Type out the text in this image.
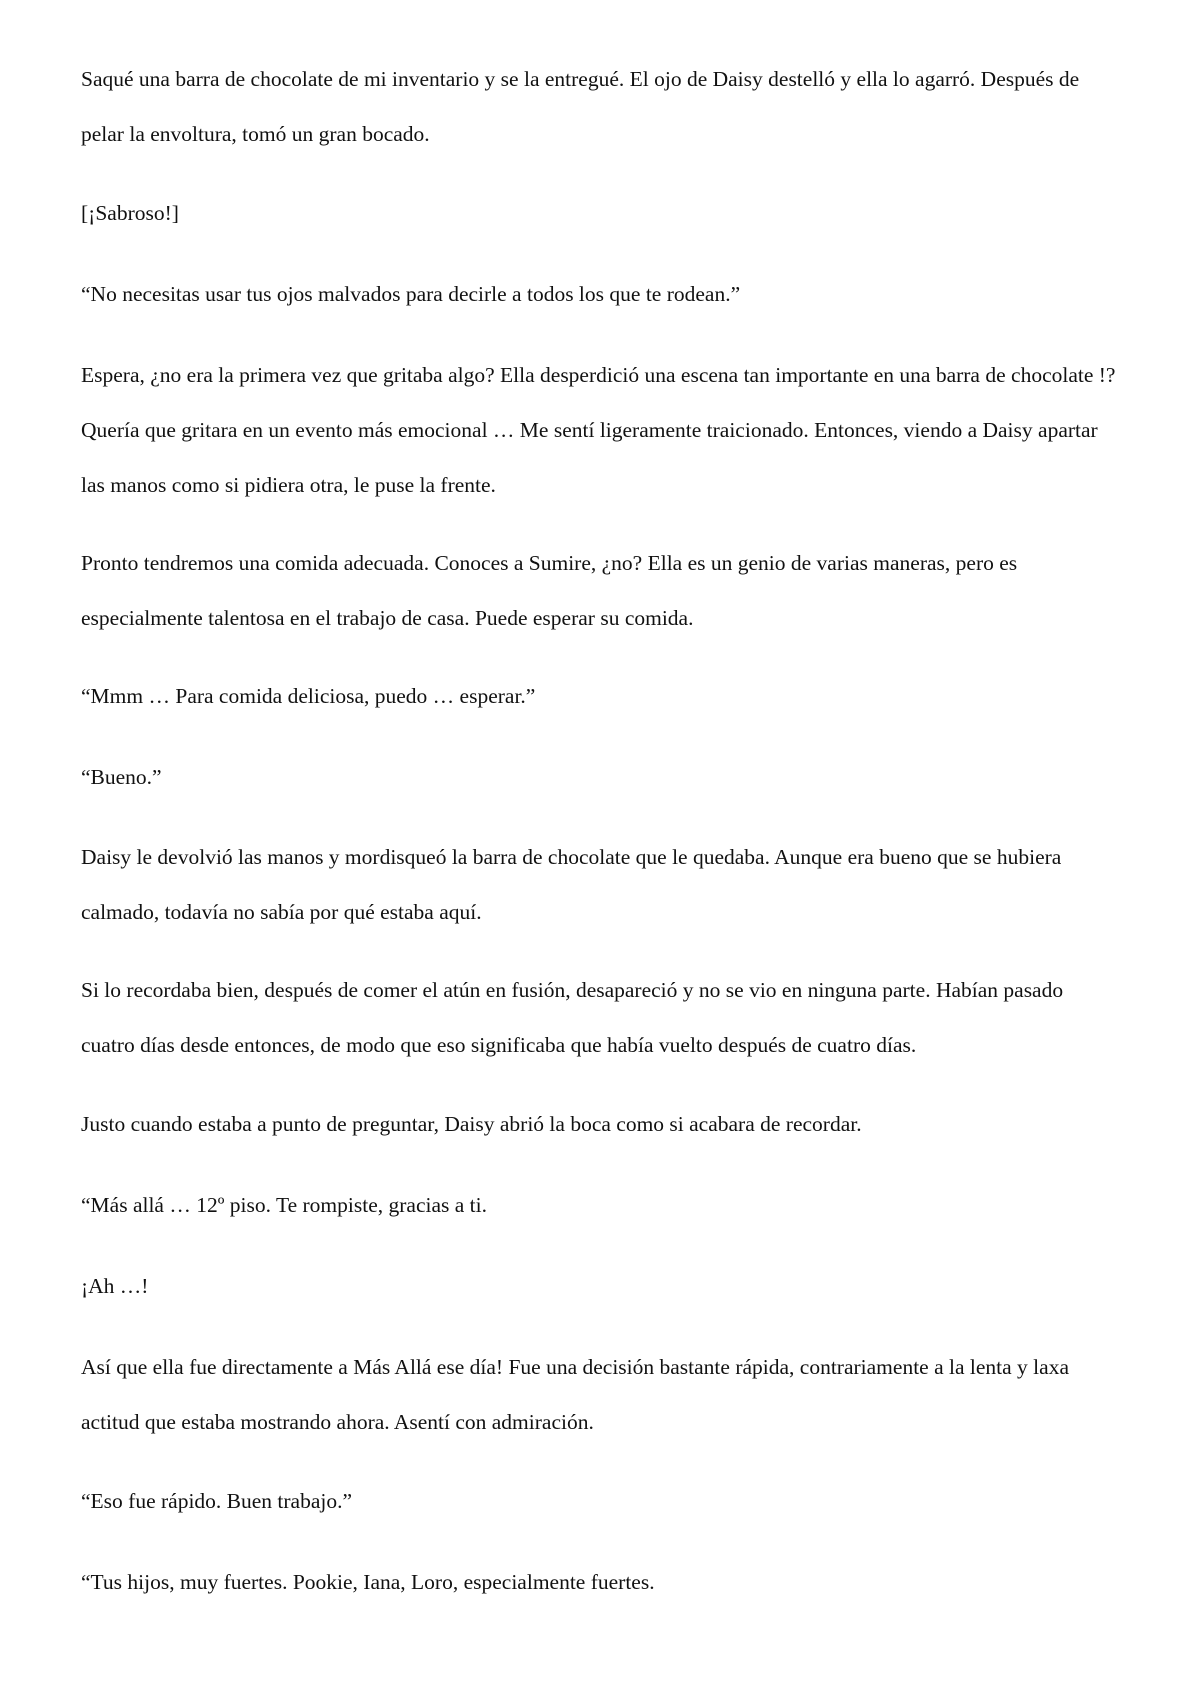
Saqué una barra de chocolate de mi inventario y se la entregué. El ojo de Daisy destelló y ella lo agarró. Después de pelar la envoltura, tomó un gran bocado.

[¡Sabroso!]

“No necesitas usar tus ojos malvados para decirle a todos los que te rodean.”

Espera, ¿no era la primera vez que gritaba algo? Ella desperdició una escena tan importante en una barra de chocolate !? Quería que gritara en un evento más emocional … Me sentí ligeramente traicionado. Entonces, viendo a Daisy apartar las manos como si pidiera otra, le puse la frente.

Pronto tendremos una comida adecuada. Conoces a Sumire, ¿no? Ella es un genio de varias maneras, pero es especialmente talentosa en el trabajo de casa. Puede esperar su comida.

“Mmm … Para comida deliciosa, puedo … esperar.”

“Bueno.”

Daisy le devolvió las manos y mordisqueó la barra de chocolate que le quedaba. Aunque era bueno que se hubiera calmado, todavía no sabía por qué estaba aquí.

Si lo recordaba bien, después de comer el atún en fusión, desapareció y no se vio en ninguna parte. Habían pasado cuatro días desde entonces, de modo que eso significaba que había vuelto después de cuatro días.

Justo cuando estaba a punto de preguntar, Daisy abrió la boca como si acabara de recordar.

“Más allá … 12º piso. Te rompiste, gracias a ti.

¡Ah …!

Así que ella fue directamente a Más Allá ese día! Fue una decisión bastante rápida, contrariamente a la lenta y laxa actitud que estaba mostrando ahora. Asentí con admiración.

“Eso fue rápido. Buen trabajo.”

“Tus hijos, muy fuertes. Pookie, Iana, Loro, especialmente fuertes.
